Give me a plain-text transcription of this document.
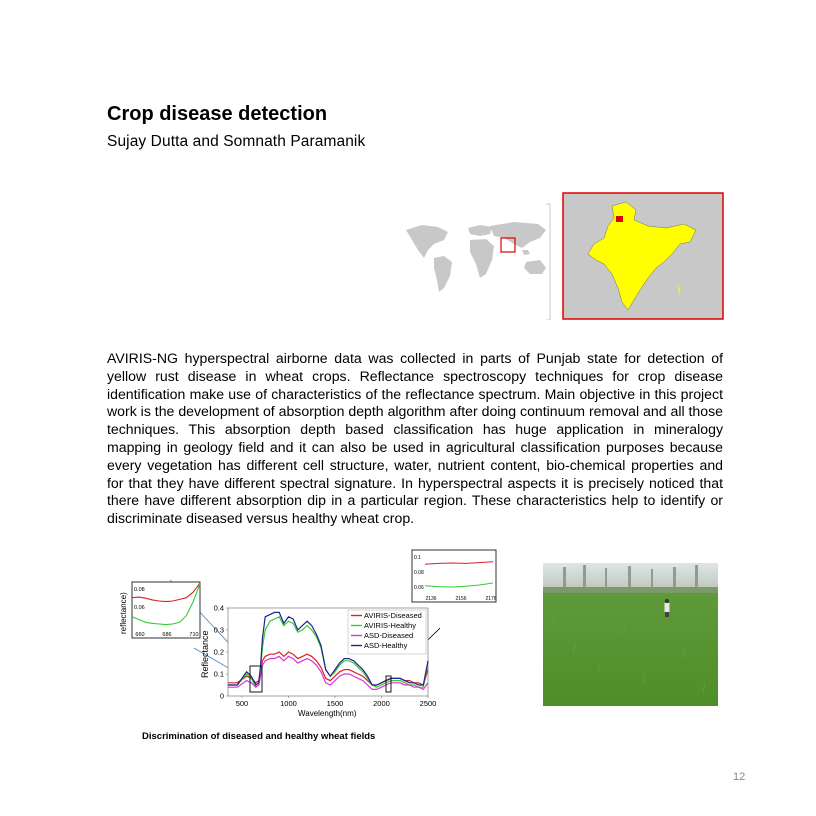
Crop disease detection
Sujay Dutta and Somnath Paramanik

AVIRIS-NG hyperspectral airborne data was collected in parts of Punjab state for detection of yellow rust disease in wheat crops. Reflectance spectroscopy techniques for crop disease identification make use of characteristics of the reflectance spectrum. Main objective in this project work is the development of absorption depth algorithm after doing continuum removal and all those techniques. This absorption depth based classification has huge application in mineralogy mapping in geology field and it can also be used in agricultural classification purposes because every vegetation has different cell structure, water, nutrient content, bio-chemical properties and for that they have different spectral signature. In hyperspectral aspects it is precisely noticed that there have different absorption dip in a particular region. These characteristics help to identify or discriminate diseased versus healthy wheat crop.

0
0.1
0.2
0.3
0.4
500	1000	1500	2000	2500
Reflectance
Wavelength(nm)
AVIRIS-Diseased
AVIRIS-Healthy
ASD-Diseased
ASD-Healthy
660	686	710
0.08
0.06
reflectance)
0.1
0.08
0.06
2136	2156	2176
Discrimination of diseased and healthy wheat fields
12
